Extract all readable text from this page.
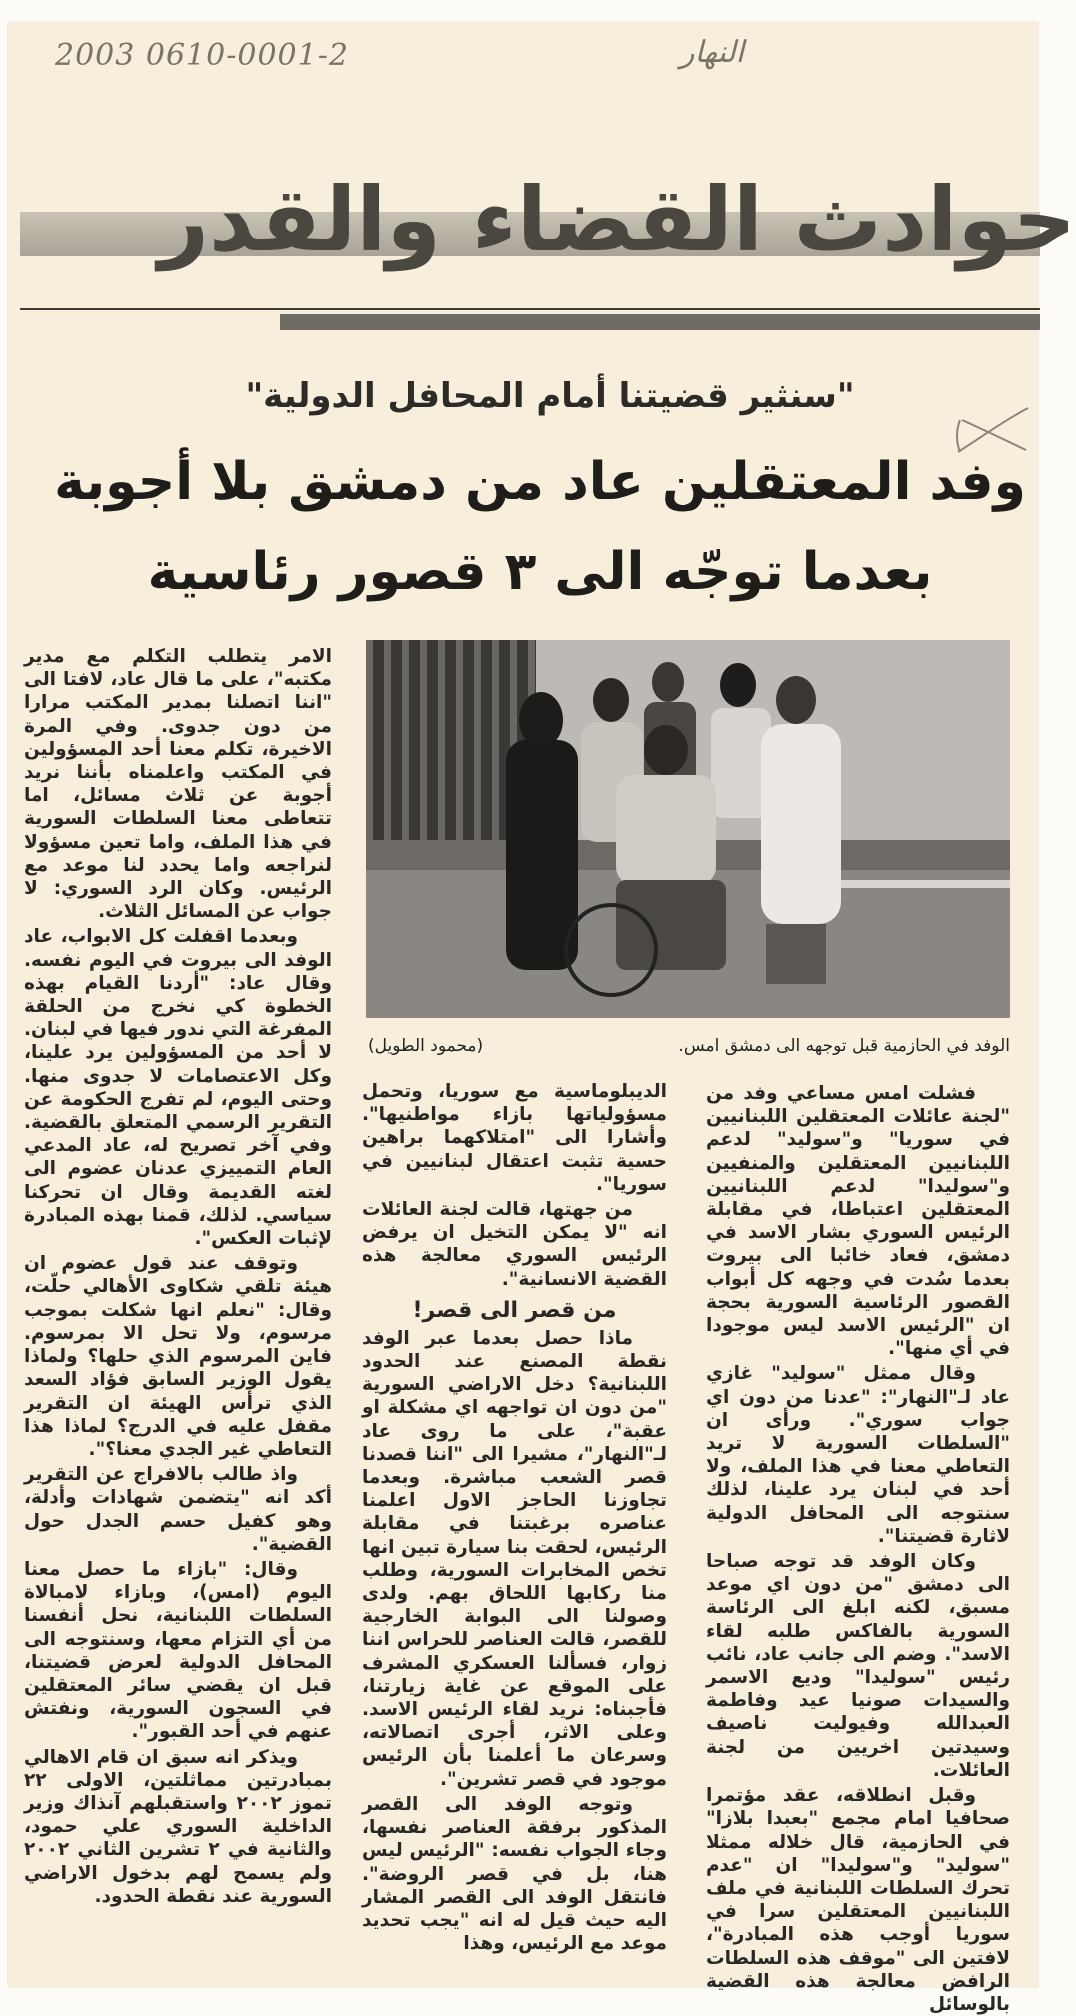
2003 0610-0001-2	النهار
حوادث القضاء والقدر
"سنثير قضيتنا أمام المحافل الدولية"
وفد المعتقلين عاد من دمشق بلا أجوبة
بعدما توجّه الى ٣ قصور رئاسية
الوفد في الحازمية قبل توجهه الى دمشق امس.
(محمود الطويل)

فشلت امس مساعي وفد من "لجنة عائلات المعتقلين اللبنانيين في سوريا" و"سوليد" لدعم اللبنانيين المعتقلين والمنفيين و"سوليدا" لدعم اللبنانيين المعتقلين اعتباطا، في مقابلة الرئيس السوري بشار الاسد في دمشق، فعاد خائبا الى بيروت بعدما سُدت في وجهه كل أبواب القصور الرئاسية السورية بحجة ان "الرئيس الاسد ليس موجودا في أي منها".

وقال ممثل "سوليد" غازي عاد لـ"النهار": "عدنا من دون اي جواب سوري". ورأى ان "السلطات السورية لا تريد التعاطي معنا في هذا الملف، ولا أحد في لبنان يرد علينا، لذلك سنتوجه الى المحافل الدولية لاثارة قضيتنا".

وكان الوفد قد توجه صباحا الى دمشق "من دون اي موعد مسبق، لكنه ابلغ الى الرئاسة السورية بالفاكس طلبه لقاء الاسد". وضم الى جانب عاد، نائب رئيس "سوليدا" وديع الاسمر والسيدات صونيا عيد وفاطمة العبدالله وفيوليت ناصيف وسيدتين اخريين من لجنة العائلات.

وقبل انطلاقه، عقد مؤتمرا صحافيا امام مجمع "بعبدا بلازا" في الحازمية، قال خلاله ممثلا "سوليد" و"سوليدا" ان "عدم تحرك السلطات اللبنانية في ملف اللبنانيين المعتقلين سرا في سوريا أوجب هذه المبادرة"، لافتين الى "موقف هذه السلطات الرافض معالجة هذه القضية بالوسائل

الديبلوماسية مع سوريا، وتحمل مسؤولياتها بازاء مواطنيها". وأشارا الى "امتلاكهما براهين حسية تثبت اعتقال لبنانيين في سوريا".

من جهتها، قالت لجنة العائلات انه "لا يمكن التخيل ان يرفض الرئيس السوري معالجة هذه القضية الانسانية".

من قصر الى قصر!

ماذا حصل بعدما عبر الوفد نقطة المصنع عند الحدود اللبنانية؟ دخل الاراضي السورية "من دون ان تواجهه اي مشكلة او عقبة"، على ما روى عاد لـ"النهار"، مشيرا الى "اننا قصدنا قصر الشعب مباشرة. وبعدما تجاوزنا الحاجز الاول اعلمنا عناصره برغبتنا في مقابلة الرئيس، لحقت بنا سيارة تبين انها تخص المخابرات السورية، وطلب منا ركابها اللحاق بهم. ولدى وصولنا الى البوابة الخارجية للقصر، قالت العناصر للحراس اننا زوار، فسألنا العسكري المشرف على الموقع عن غاية زيارتنا، فأجبناه: نريد لقاء الرئيس الاسد. وعلى الاثر، أجرى اتصالاته، وسرعان ما أعلمنا بأن الرئيس موجود في قصر تشرين".

وتوجه الوفد الى القصر المذكور برفقة العناصر نفسها، وجاء الجواب نفسه: "الرئيس ليس هنا، بل في قصر الروضة". فانتقل الوفد الى القصر المشار اليه حيث قيل له انه "يجب تحديد موعد مع الرئيس، وهذا

الامر يتطلب التكلم مع مدير مكتبه"، على ما قال عاد، لافتا الى "اننا اتصلنا بمدير المكتب مرارا من دون جدوى. وفي المرة الاخيرة، تكلم معنا أحد المسؤولين في المكتب واعلمناه بأننا نريد أجوبة عن ثلاث مسائل، اما تتعاطى معنا السلطات السورية في هذا الملف، واما تعين مسؤولا لنراجعه واما يحدد لنا موعد مع الرئيس. وكان الرد السوري: لا جواب عن المسائل الثلاث.

وبعدما اقفلت كل الابواب، عاد الوفد الى بيروت في اليوم نفسه. وقال عاد: "أردنا القيام بهذه الخطوة كي نخرج من الحلقة المفرغة التي ندور فيها في لبنان. لا أحد من المسؤولين يرد علينا، وكل الاعتصامات لا جدوى منها. وحتى اليوم، لم تفرج الحكومة عن التقرير الرسمي المتعلق بالقضية. وفي آخر تصريح له، عاد المدعي العام التمييزي عدنان عضوم الى لغته القديمة وقال ان تحركنا سياسي. لذلك، قمنا بهذه المبادرة لإثبات العكس".

وتوقف عند قول عضوم ان هيئة تلقي شكاوى الأهالي حلّت، وقال: "نعلم انها شكلت بموجب مرسوم، ولا تحل الا بمرسوم. فاين المرسوم الذي حلها؟ ولماذا يقول الوزير السابق فؤاد السعد الذي ترأس الهيئة ان التقرير مقفل عليه في الدرج؟ لماذا هذا التعاطي غير الجدي معنا؟".

واذ طالب بالافراج عن التقرير أكد انه "يتضمن شهادات وأدلة، وهو كفيل حسم الجدل حول القضية".

وقال: "بازاء ما حصل معنا اليوم (امس)، وبازاء لامبالاة السلطات اللبنانية، نحل أنفسنا من أي التزام معها، وسنتوجه الى المحافل الدولية لعرض قضيتنا، قبل ان يقضي سائر المعتقلين في السجون السورية، ونفتش عنهم في أحد القبور".

ويذكر انه سبق ان قام الاهالي بمبادرتين مماثلتين، الاولى ٢٢ تموز ٢٠٠٢ واستقبلهم آنذاك وزير الداخلية السوري علي حمود، والثانية في ٢ تشرين الثاني ٢٠٠٢ ولم يسمح لهم بدخول الاراضي السورية عند نقطة الحدود.
